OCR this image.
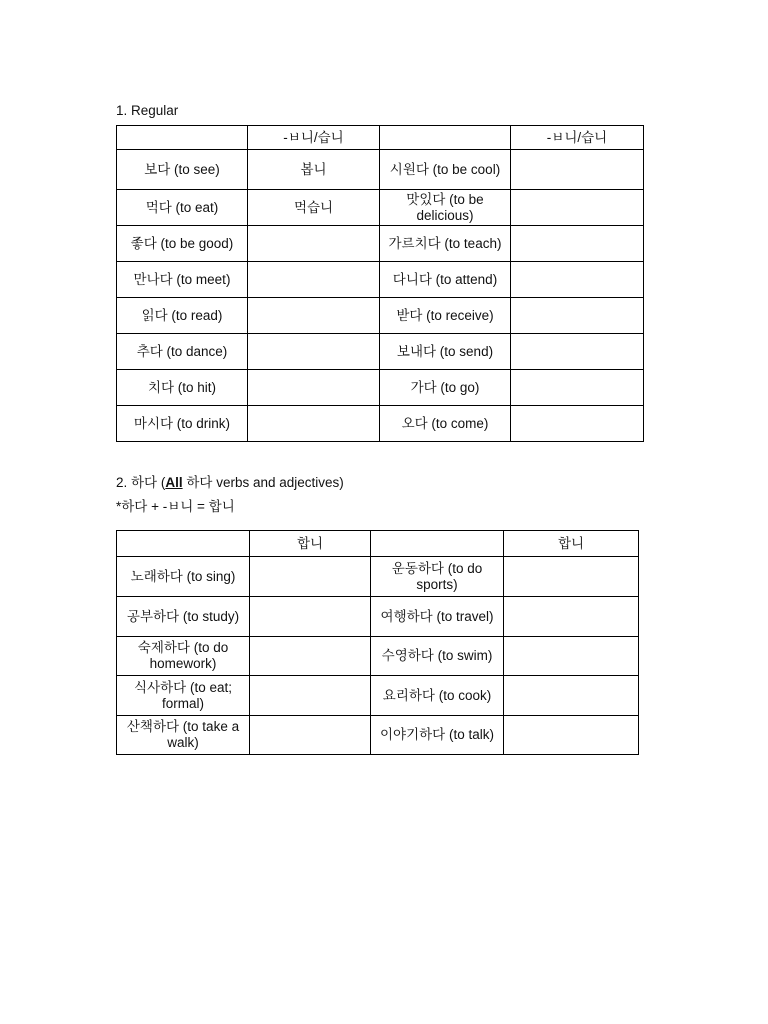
1. Regular
	-ㅂ니/습니		-ㅂ니/습니
보다 (to see)	봅니	시원다 (to be cool)	
먹다 (to eat)	먹습니	맛있다 (to be delicious)	
좋다 (to be good)		가르치다 (to teach)	
만나다 (to meet)		다니다 (to attend)	
읽다 (to read)		받다 (to receive)	
추다 (to dance)		보내다 (to send)	
치다 (to hit)		가다 (to go)	
마시다 (to drink)		오다 (to come)	
2. 하다 (All 하다 verbs and adjectives)
*하다 + -ㅂ니 = 합니
	합니		합니
노래하다 (to sing)		운동하다 (to do sports)	
공부하다 (to study)		여행하다 (to travel)	
숙제하다 (to do homework)		수영하다 (to swim)	
식사하다 (to eat; formal)		요리하다 (to cook)	
산책하다 (to take a walk)		이야기하다 (to talk)	
